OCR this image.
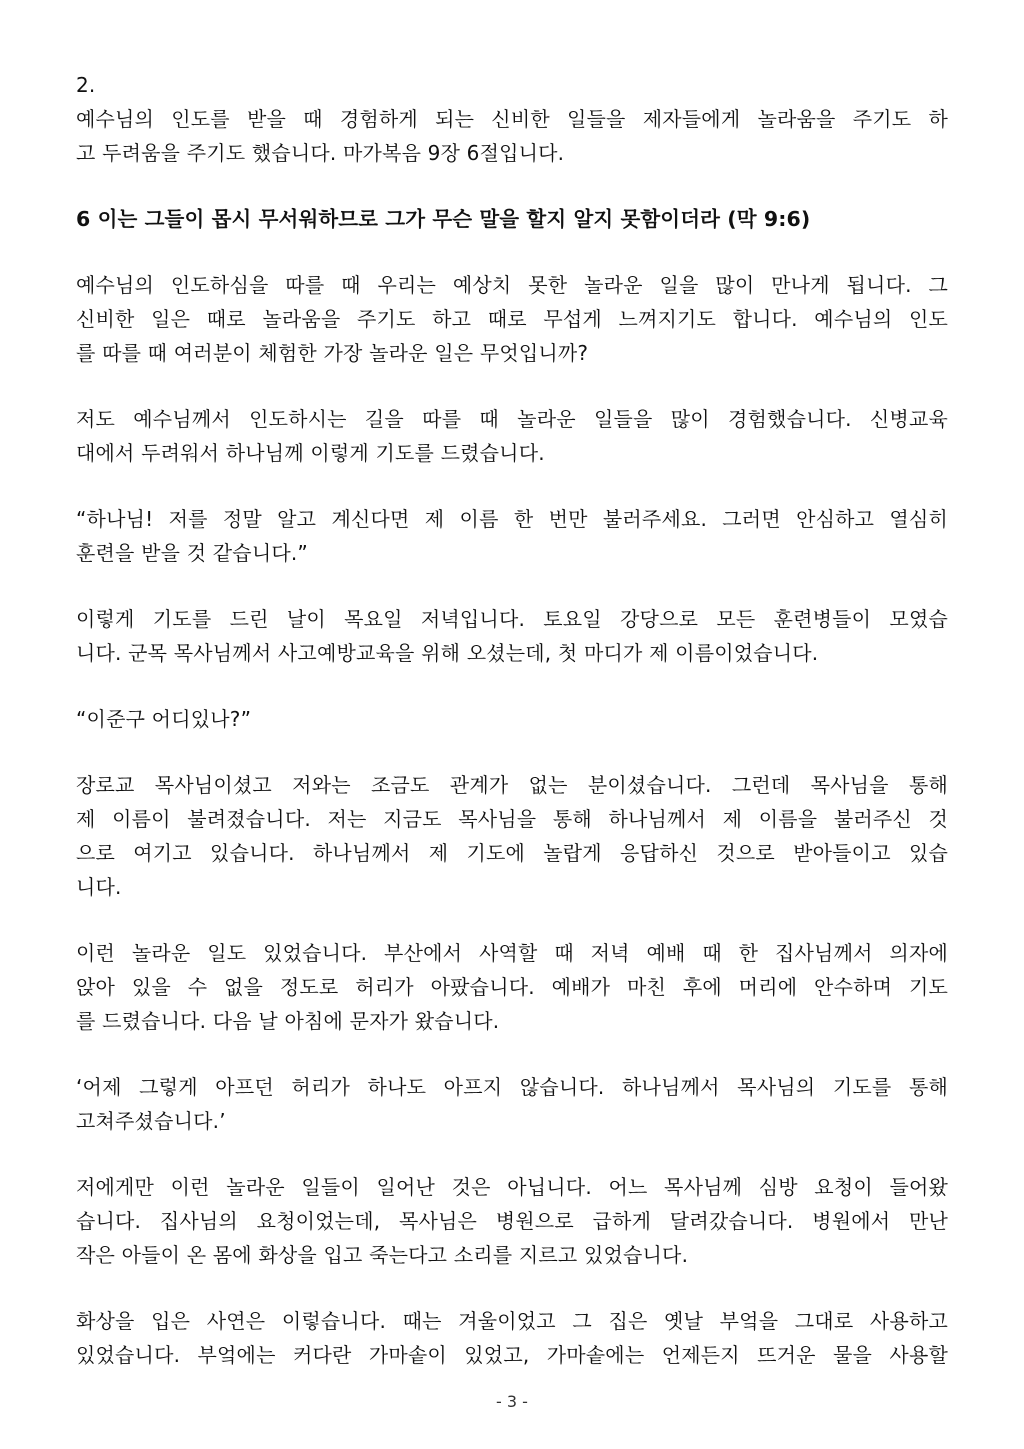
2.
예수님의 인도를 받을 때 경험하게 되는 신비한 일들을 제자들에게 놀라움을 주기도 하
고 두려움을 주기도 했습니다. 마가복음 9장 6절입니다.
6 이는 그들이 몹시 무서워하므로 그가 무슨 말을 할지 알지 못함이더라 (막 9:6)
예수님의 인도하심을 따를 때 우리는 예상치 못한 놀라운 일을 많이 만나게 됩니다. 그
신비한 일은 때로 놀라움을 주기도 하고 때로 무섭게 느껴지기도 합니다. 예수님의 인도
를 따를 때 여러분이 체험한 가장 놀라운 일은 무엇입니까?
저도 예수님께서 인도하시는 길을 따를 때 놀라운 일들을 많이 경험했습니다. 신병교육
대에서 두려워서 하나님께 이렇게 기도를 드렸습니다.
“하나님! 저를 정말 알고 계신다면 제 이름 한 번만 불러주세요. 그러면 안심하고 열심히
훈련을 받을 것 같습니다.”
이렇게 기도를 드린 날이 목요일 저녁입니다. 토요일 강당으로 모든 훈련병들이 모였습
니다. 군목 목사님께서 사고예방교육을 위해 오셨는데, 첫 마디가 제 이름이었습니다.
“이준구 어디있나?”
장로교 목사님이셨고 저와는 조금도 관계가 없는 분이셨습니다. 그런데 목사님을 통해
제 이름이 불려졌습니다. 저는 지금도 목사님을 통해 하나님께서 제 이름을 불러주신 것
으로 여기고 있습니다. 하나님께서 제 기도에 놀랍게 응답하신 것으로 받아들이고 있습
니다.
이런 놀라운 일도 있었습니다. 부산에서 사역할 때 저녁 예배 때 한 집사님께서 의자에
앉아 있을 수 없을 정도로 허리가 아팠습니다. 예배가 마친 후에 머리에 안수하며 기도
를 드렸습니다. 다음 날 아침에 문자가 왔습니다.
‘어제 그렇게 아프던 허리가 하나도 아프지 않습니다. 하나님께서 목사님의 기도를 통해
고쳐주셨습니다.’
저에게만 이런 놀라운 일들이 일어난 것은 아닙니다. 어느 목사님께 심방 요청이 들어왔
습니다. 집사님의 요청이었는데, 목사님은 병원으로 급하게 달려갔습니다. 병원에서 만난
작은 아들이 온 몸에 화상을 입고 죽는다고 소리를 지르고 있었습니다.
화상을 입은 사연은 이렇습니다. 때는 겨울이었고 그 집은 옛날 부엌을 그대로 사용하고
있었습니다. 부엌에는 커다란 가마솥이 있었고, 가마솥에는 언제든지 뜨거운 물을 사용할
- 3 -
